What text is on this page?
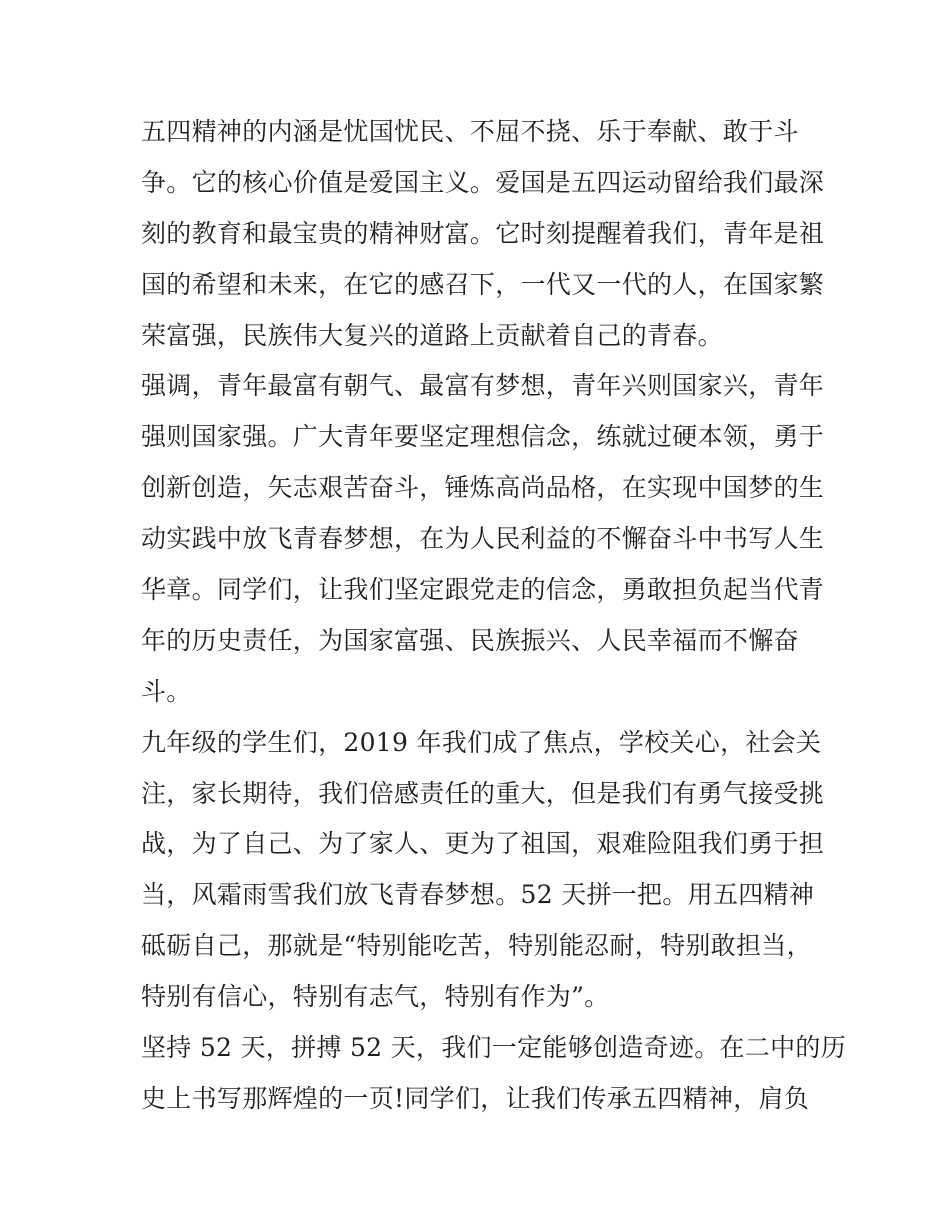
五四精神的内涵是忧国忧民、不屈不挠、乐于奉献、敢于斗
争。它的核心价值是爱国主义。爱国是五四运动留给我们最深
刻的教育和最宝贵的精神财富。它时刻提醒着我们，青年是祖
国的希望和未来，在它的感召下，一代又一代的人，在国家繁
荣富强，民族伟大复兴的道路上贡献着自己的青春。
强调，青年最富有朝气、最富有梦想，青年兴则国家兴，青年
强则国家强。广大青年要坚定理想信念，练就过硬本领，勇于
创新创造，矢志艰苦奋斗，锤炼高尚品格，在实现中国梦的生
动实践中放飞青春梦想，在为人民利益的不懈奋斗中书写人生
华章。同学们，让我们坚定跟党走的信念，勇敢担负起当代青
年的历史责任，为国家富强、民族振兴、人民幸福而不懈奋
斗。
九年级的学生们，2019 年我们成了焦点，学校关心，社会关
注，家长期待，我们倍感责任的重大，但是我们有勇气接受挑
战，为了自己、为了家人、更为了祖国，艰难险阻我们勇于担
当，风霜雨雪我们放飞青春梦想。52 天拼一把。用五四精神
砥砺自己，那就是“特别能吃苦，特别能忍耐，特别敢担当，
特别有信心，特别有志气，特别有作为”。
坚持 52 天，拼搏 52 天，我们一定能够创造奇迹。在二中的历
史上书写那辉煌的一页!同学们，让我们传承五四精神，肩负
